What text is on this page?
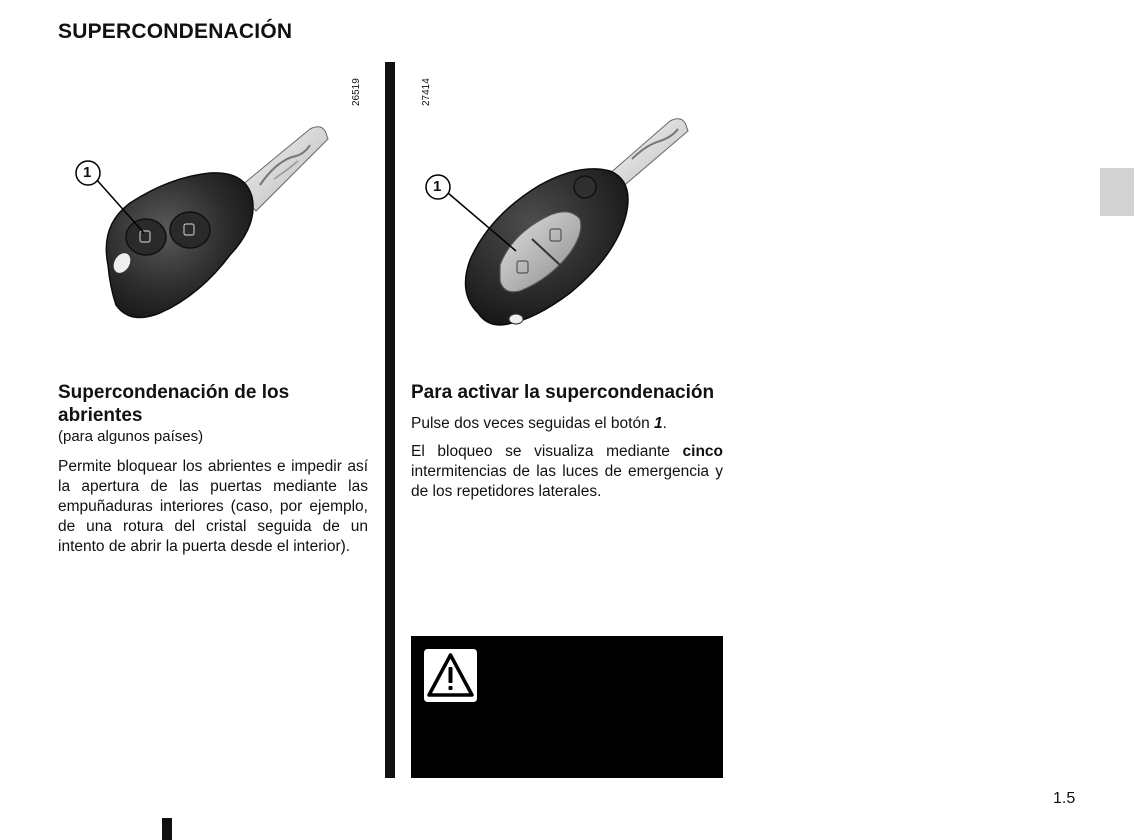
SUPERCONDENACIÓN
1
26519
1
27414
Supercondenación de los abrientes
(para algunos países)

Permite bloquear los abrientes e impedir así la apertura de las puertas mediante las empuñaduras interiores (caso, por ejemplo, de una rotura del cristal seguida de un intento de abrir la puerta desde el interior).

Para activar la supercondenación

Pulse dos veces seguidas el botón 1.

El bloqueo se visualiza mediante cinco intermitencias de las luces de emergencia y de los repetidores laterales.

1.5
